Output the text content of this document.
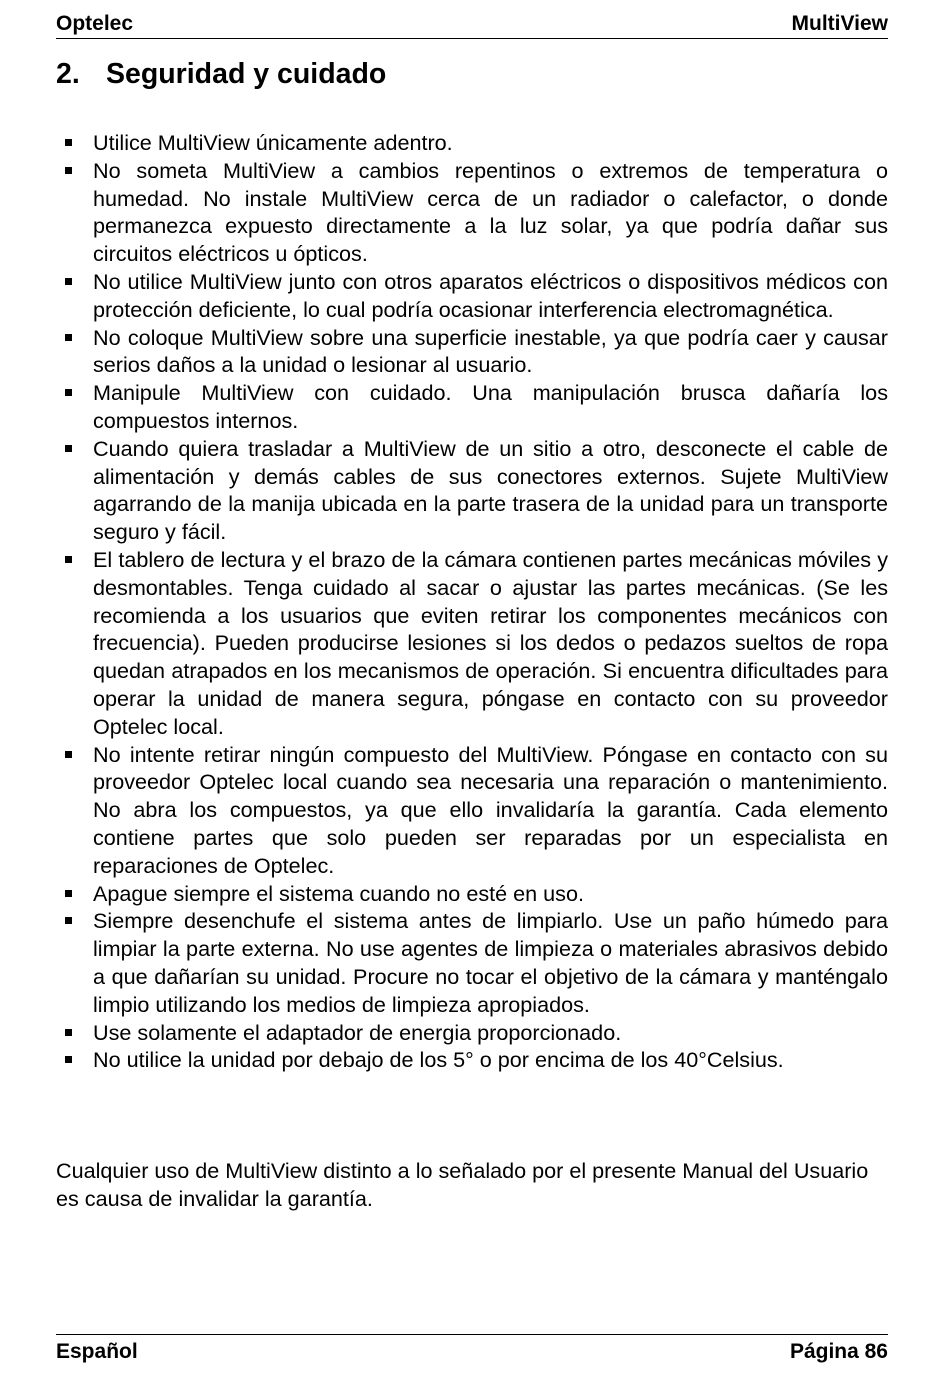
Optelec	MultiView
2. Seguridad y cuidado
Utilice MultiView únicamente adentro.
No someta MultiView a cambios repentinos o extremos de temperatura o humedad. No instale MultiView cerca de un radiador o calefactor, o donde permanezca expuesto directamente a la luz solar, ya que podría dañar sus circuitos eléctricos u ópticos.
No utilice MultiView junto con otros aparatos eléctricos o dispositivos médicos con protección deficiente, lo cual podría ocasionar interferencia electromagnética.
No coloque MultiView sobre una superficie inestable, ya que podría caer y causar serios daños a la unidad o lesionar al usuario.
Manipule MultiView con cuidado. Una manipulación brusca dañaría los compuestos internos.
Cuando quiera trasladar a MultiView de un sitio a otro, desconecte el cable de alimentación y demás cables de sus conectores externos. Sujete MultiView agarrando de la manija ubicada en la parte trasera de la unidad para un transporte seguro y fácil.
El tablero de lectura y el brazo de la cámara contienen partes mecánicas móviles y desmontables. Tenga cuidado al sacar o ajustar las partes mecánicas. (Se les recomienda a los usuarios que eviten retirar los componentes mecánicos con frecuencia). Pueden producirse lesiones si los dedos o pedazos sueltos de ropa quedan atrapados en los mecanismos de operación. Si encuentra dificultades para operar la unidad de manera segura, póngase en contacto con su proveedor Optelec local.
No intente retirar ningún compuesto del MultiView. Póngase en contacto con su proveedor Optelec local cuando sea necesaria una reparación o mantenimiento. No abra los compuestos, ya que ello invalidaría la garantía. Cada elemento contiene partes que solo pueden ser reparadas por un especialista en reparaciones de Optelec.
Apague siempre el sistema cuando no esté en uso.
Siempre desenchufe el sistema antes de limpiarlo. Use un paño húmedo para limpiar la parte externa. No use agentes de limpieza o materiales abrasivos debido a que dañarían su unidad. Procure no tocar el objetivo de la cámara y manténgalo limpio utilizando los medios de limpieza apropiados.
Use solamente el adaptador de energia proporcionado.
No utilice la unidad por debajo de los 5° o por encima de los 40°Celsius.

Cualquier uso de MultiView distinto a lo señalado por el presente Manual del Usuario es causa de invalidar la garantía.

Español	Página 86
